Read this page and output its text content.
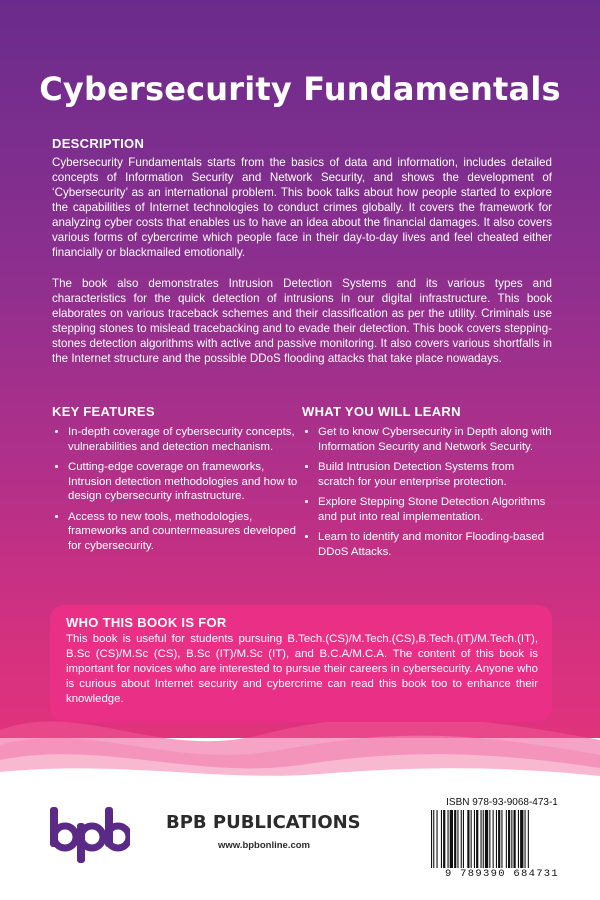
Cybersecurity Fundamentals
DESCRIPTION

Cybersecurity Fundamentals starts from the basics of data and information, includes detailed concepts of Information Security and Network Security, and shows the development of ‘Cybersecurity’ as an international problem. This book talks about how people started to explore the capabilities of Internet technologies to conduct crimes globally. It covers the framework for analyzing cyber costs that enables us to have an idea about the financial damages. It also covers various forms of cybercrime which people face in their day-to-day lives and feel cheated either financially or blackmailed emotionally.

The book also demonstrates Intrusion Detection Systems and its various types and characteristics for the quick detection of intrusions in our digital infrastructure. This book elaborates on various traceback schemes and their classification as per the utility. Criminals use stepping stones to mislead tracebacking and to evade their detection. This book covers stepping-stones detection algorithms with active and passive monitoring. It also covers various shortfalls in the Internet structure and the possible DDoS flooding attacks that take place nowadays.

KEY FEATURES
• In-depth coverage of cybersecurity concepts, vulnerabilities and detection mechanism.
• Cutting-edge coverage on frameworks, Intrusion detection methodologies and how to design cybersecurity infrastructure.
• Access to new tools, methodologies, frameworks and countermeasures developed for cybersecurity.
WHAT YOU WILL LEARN
• Get to know Cybersecurity in Depth along with Information Security and Network Security.
• Build Intrusion Detection Systems from scratch for your enterprise protection.
• Explore Stepping Stone Detection Algorithms and put into real implementation.
• Learn to identify and monitor Flooding-based DDoS Attacks.
WHO THIS BOOK IS FOR

This book is useful for students pursuing B.Tech.(CS)/M.Tech.(CS),B.Tech.(IT)/M.Tech.(IT), B.Sc (CS)/M.Sc (CS), B.Sc (IT)/M.Sc (IT), and B.C.A/M.C.A. The content of this book is important for novices who are interested to pursue their careers in cybersecurity. Anyone who is curious about Internet security and cybercrime can read this book too to enhance their knowledge.

BPB PUBLICATIONS
www.bpbonline.com
ISBN 978-93-9068-473-1
9 789390 684731
